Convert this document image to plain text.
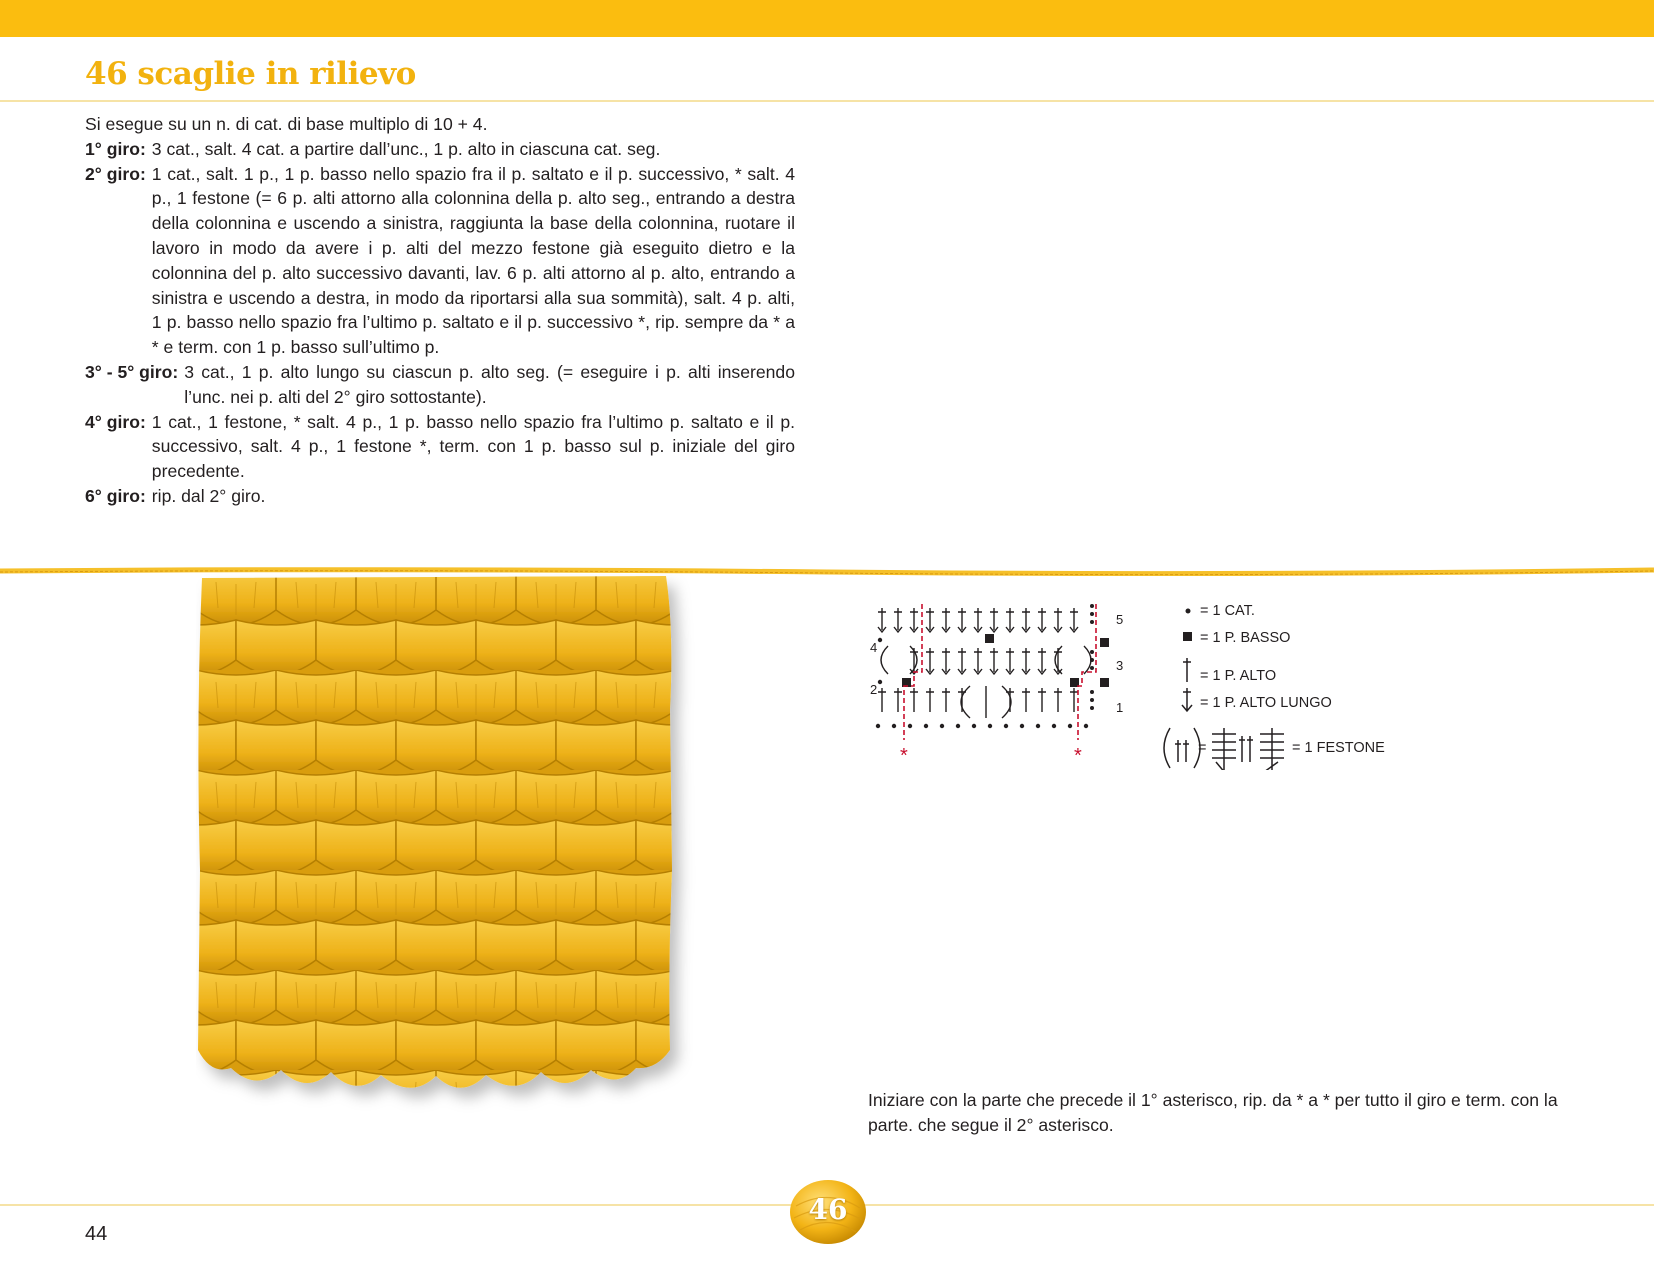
46 scaglie in rilievo

Si esegue su un n. di cat. di base multiplo di 10 + 4.

1° giro: 3 cat., salt. 4 cat. a partire dall’unc., 1 p. alto in ciascuna cat. seg.
2° giro: 1 cat., salt. 1 p., 1 p. basso nello spazio fra il p. saltato e il p. successivo, * salt. 4 p., 1 festone (= 6 p. alti attorno alla colonnina della p. alto seg., entrando a destra della colonnina e uscendo a sinistra, raggiunta la base della colonnina, ruotare il lavoro in modo da avere i p. alti del mezzo festone già eseguito dietro e la colonnina del p. alto successivo davanti, lav. 6 p. alti attorno al p. alto, entrando a sinistra e uscendo a destra, in modo da riportarsi alla sua sommità), salt. 4 p. alti, 1 p. basso nello spazio fra l’ultimo p. saltato e il p. successivo *, rip. sempre da * a * e term. con 1 p. basso sull’ultimo p.
3° - 5° giro: 3 cat., 1 p. alto lungo su ciascun p. alto seg. (= eseguire i p. alti inserendo l’unc. nei p. alti del 2° giro sottostante).
4° giro: 1 cat., 1 festone, * salt. 4 p., 1 p. basso nello spazio fra l’ultimo p. saltato e il p. successivo, salt. 4 p., 1 festone *, term. con 1 p. basso sul p. iniziale del giro precedente.
6° giro: rip. dal 2° giro.
*	*
5
4
3
2
1
= 1 CAT.
= 1 P. BASSO
= 1 P. ALTO
= 1 P. ALTO LUNGO
=	= 1 FESTONE
Iniziare con la parte che precede il 1° asterisco, rip. da * a * per tutto il giro e term. con la parte. che segue il 2° asterisco.
46
44
